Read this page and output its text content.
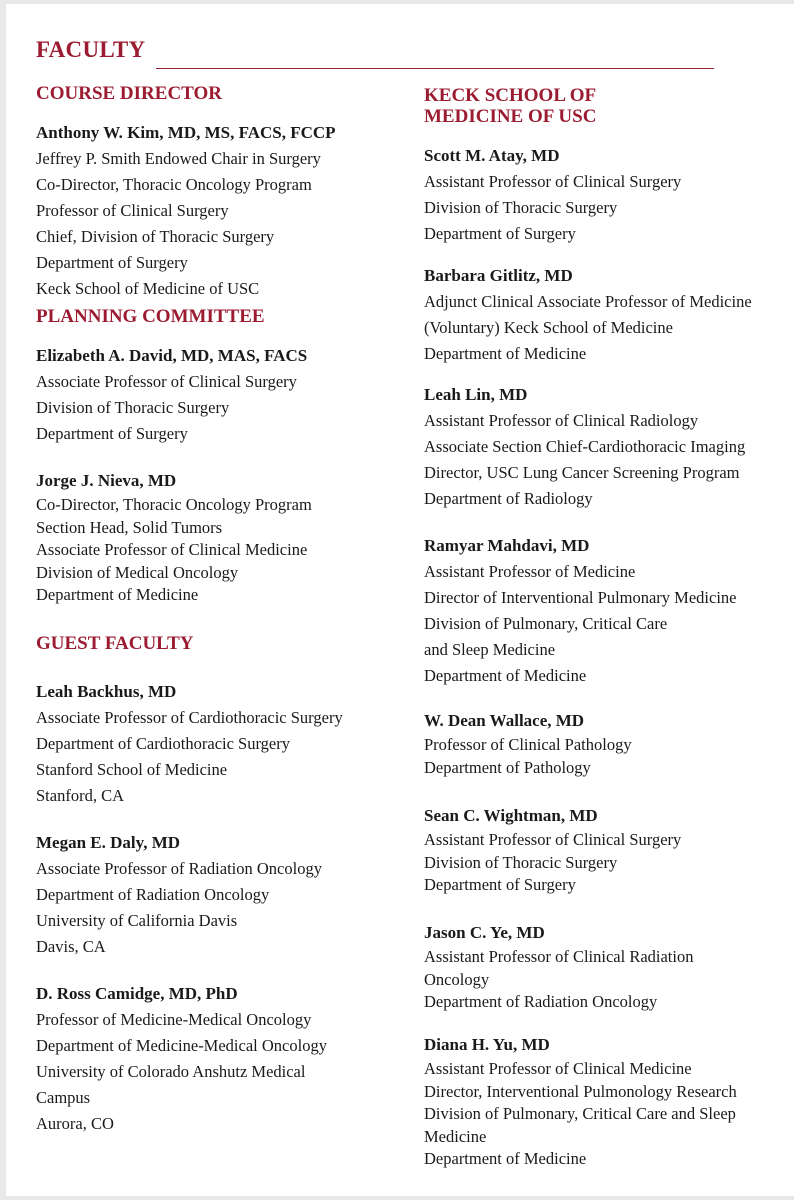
FACULTY
COURSE DIRECTOR
Anthony W. Kim, MD, MS, FACS, FCCP
Jeffrey P. Smith Endowed Chair in Surgery
Co-Director, Thoracic Oncology Program
Professor of Clinical Surgery
Chief, Division of Thoracic Surgery
Department of Surgery
Keck School of Medicine of USC
PLANNING COMMITTEE
Elizabeth A. David, MD, MAS, FACS
Associate Professor of Clinical Surgery
Division of Thoracic Surgery
Department of Surgery
Jorge J. Nieva, MD
Co-Director, Thoracic Oncology Program
Section Head, Solid Tumors
Associate Professor of Clinical Medicine
Division of Medical Oncology
Department of Medicine
GUEST FACULTY
Leah Backhus, MD
Associate Professor of Cardiothoracic Surgery
Department of Cardiothoracic Surgery
Stanford School of Medicine
Stanford, CA
Megan E. Daly, MD
Associate Professor of Radiation Oncology
Department of Radiation Oncology
University of California Davis
Davis, CA
D. Ross Camidge, MD, PhD
Professor of Medicine-Medical Oncology
Department of Medicine-Medical Oncology
University of Colorado Anshutz Medical
Campus
Aurora, CO
KECK SCHOOL OF
MEDICINE OF USC
Scott M. Atay, MD
Assistant Professor of Clinical Surgery
Division of Thoracic Surgery
Department of Surgery
Barbara Gitlitz, MD
Adjunct Clinical Associate Professor of Medicine
(Voluntary) Keck School of Medicine
Department of Medicine
Leah Lin, MD
Assistant Professor of Clinical Radiology
Associate Section Chief-Cardiothoracic Imaging
Director, USC Lung Cancer Screening Program
Department of Radiology
Ramyar Mahdavi, MD
Assistant Professor of Medicine
Director of Interventional Pulmonary Medicine
Division of Pulmonary, Critical Care
and Sleep Medicine
Department of Medicine
W. Dean Wallace, MD
Professor of Clinical Pathology
Department of Pathology
Sean C. Wightman, MD
Assistant Professor of Clinical Surgery
Division of Thoracic Surgery
Department of Surgery
Jason C. Ye, MD
Assistant Professor of Clinical Radiation
Oncology
Department of Radiation Oncology
Diana H. Yu, MD
Assistant Professor of Clinical Medicine
Director, Interventional Pulmonology Research
Division of Pulmonary, Critical Care and Sleep
Medicine
Department of Medicine
